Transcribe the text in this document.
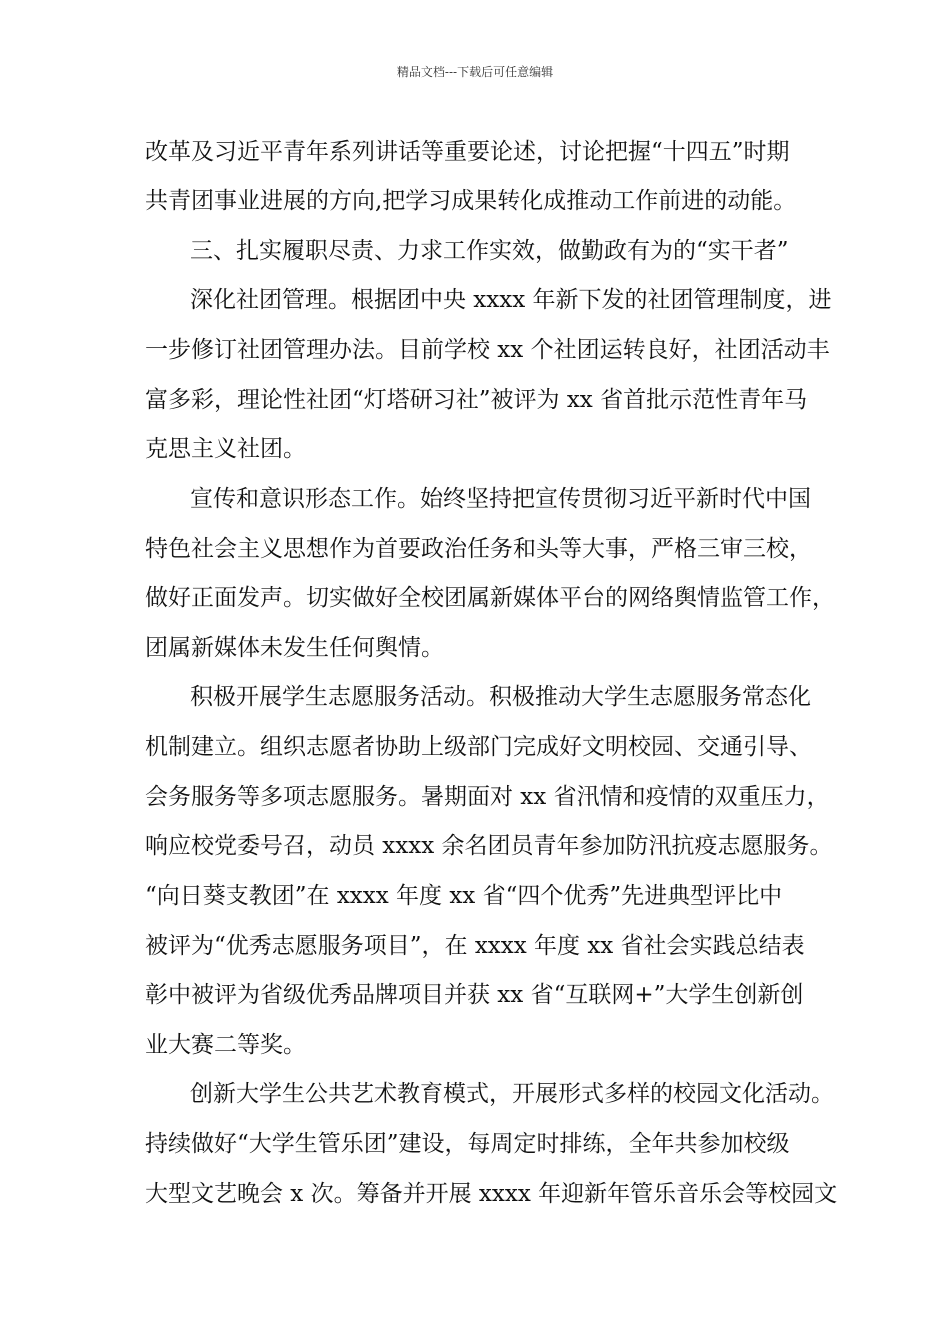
精品文档---下载后可任意编辑
改革及习近平青年系列讲话等重要论述，讨论把握“十四五”时期
共青团事业进展的方向,把学习成果转化成推动工作前进的动能。
三、扎实履职尽责、力求工作实效，做勤政有为的“实干者”
深化社团管理。根据团中央 xxxx 年新下发的社团管理制度，进
一步修订社团管理办法。目前学校 xx 个社团运转良好，社团活动丰
富多彩，理论性社团“灯塔研习社”被评为 xx 省首批示范性青年马
克思主义社团。
宣传和意识形态工作。始终坚持把宣传贯彻习近平新时代中国
特色社会主义思想作为首要政治任务和头等大事，严格三审三校，
做好正面发声。切实做好全校团属新媒体平台的网络舆情监管工作，
团属新媒体未发生任何舆情。
积极开展学生志愿服务活动。积极推动大学生志愿服务常态化
机制建立。组织志愿者协助上级部门完成好文明校园、交通引导、
会务服务等多项志愿服务。暑期面对 xx 省汛情和疫情的双重压力，
响应校党委号召，动员 xxxx 余名团员青年参加防汛抗疫志愿服务。
“向日葵支教团”在 xxxx 年度 xx 省“四个优秀”先进典型评比中
被评为“优秀志愿服务项目”，在 xxxx 年度 xx 省社会实践总结表
彰中被评为省级优秀品牌项目并获 xx 省“互联网+”大学生创新创
业大赛二等奖。
创新大学生公共艺术教育模式，开展形式多样的校园文化活动。
持续做好“大学生管乐团”建设，每周定时排练，全年共参加校级
大型文艺晚会 x 次。筹备并开展 xxxx 年迎新年管乐音乐会等校园文
